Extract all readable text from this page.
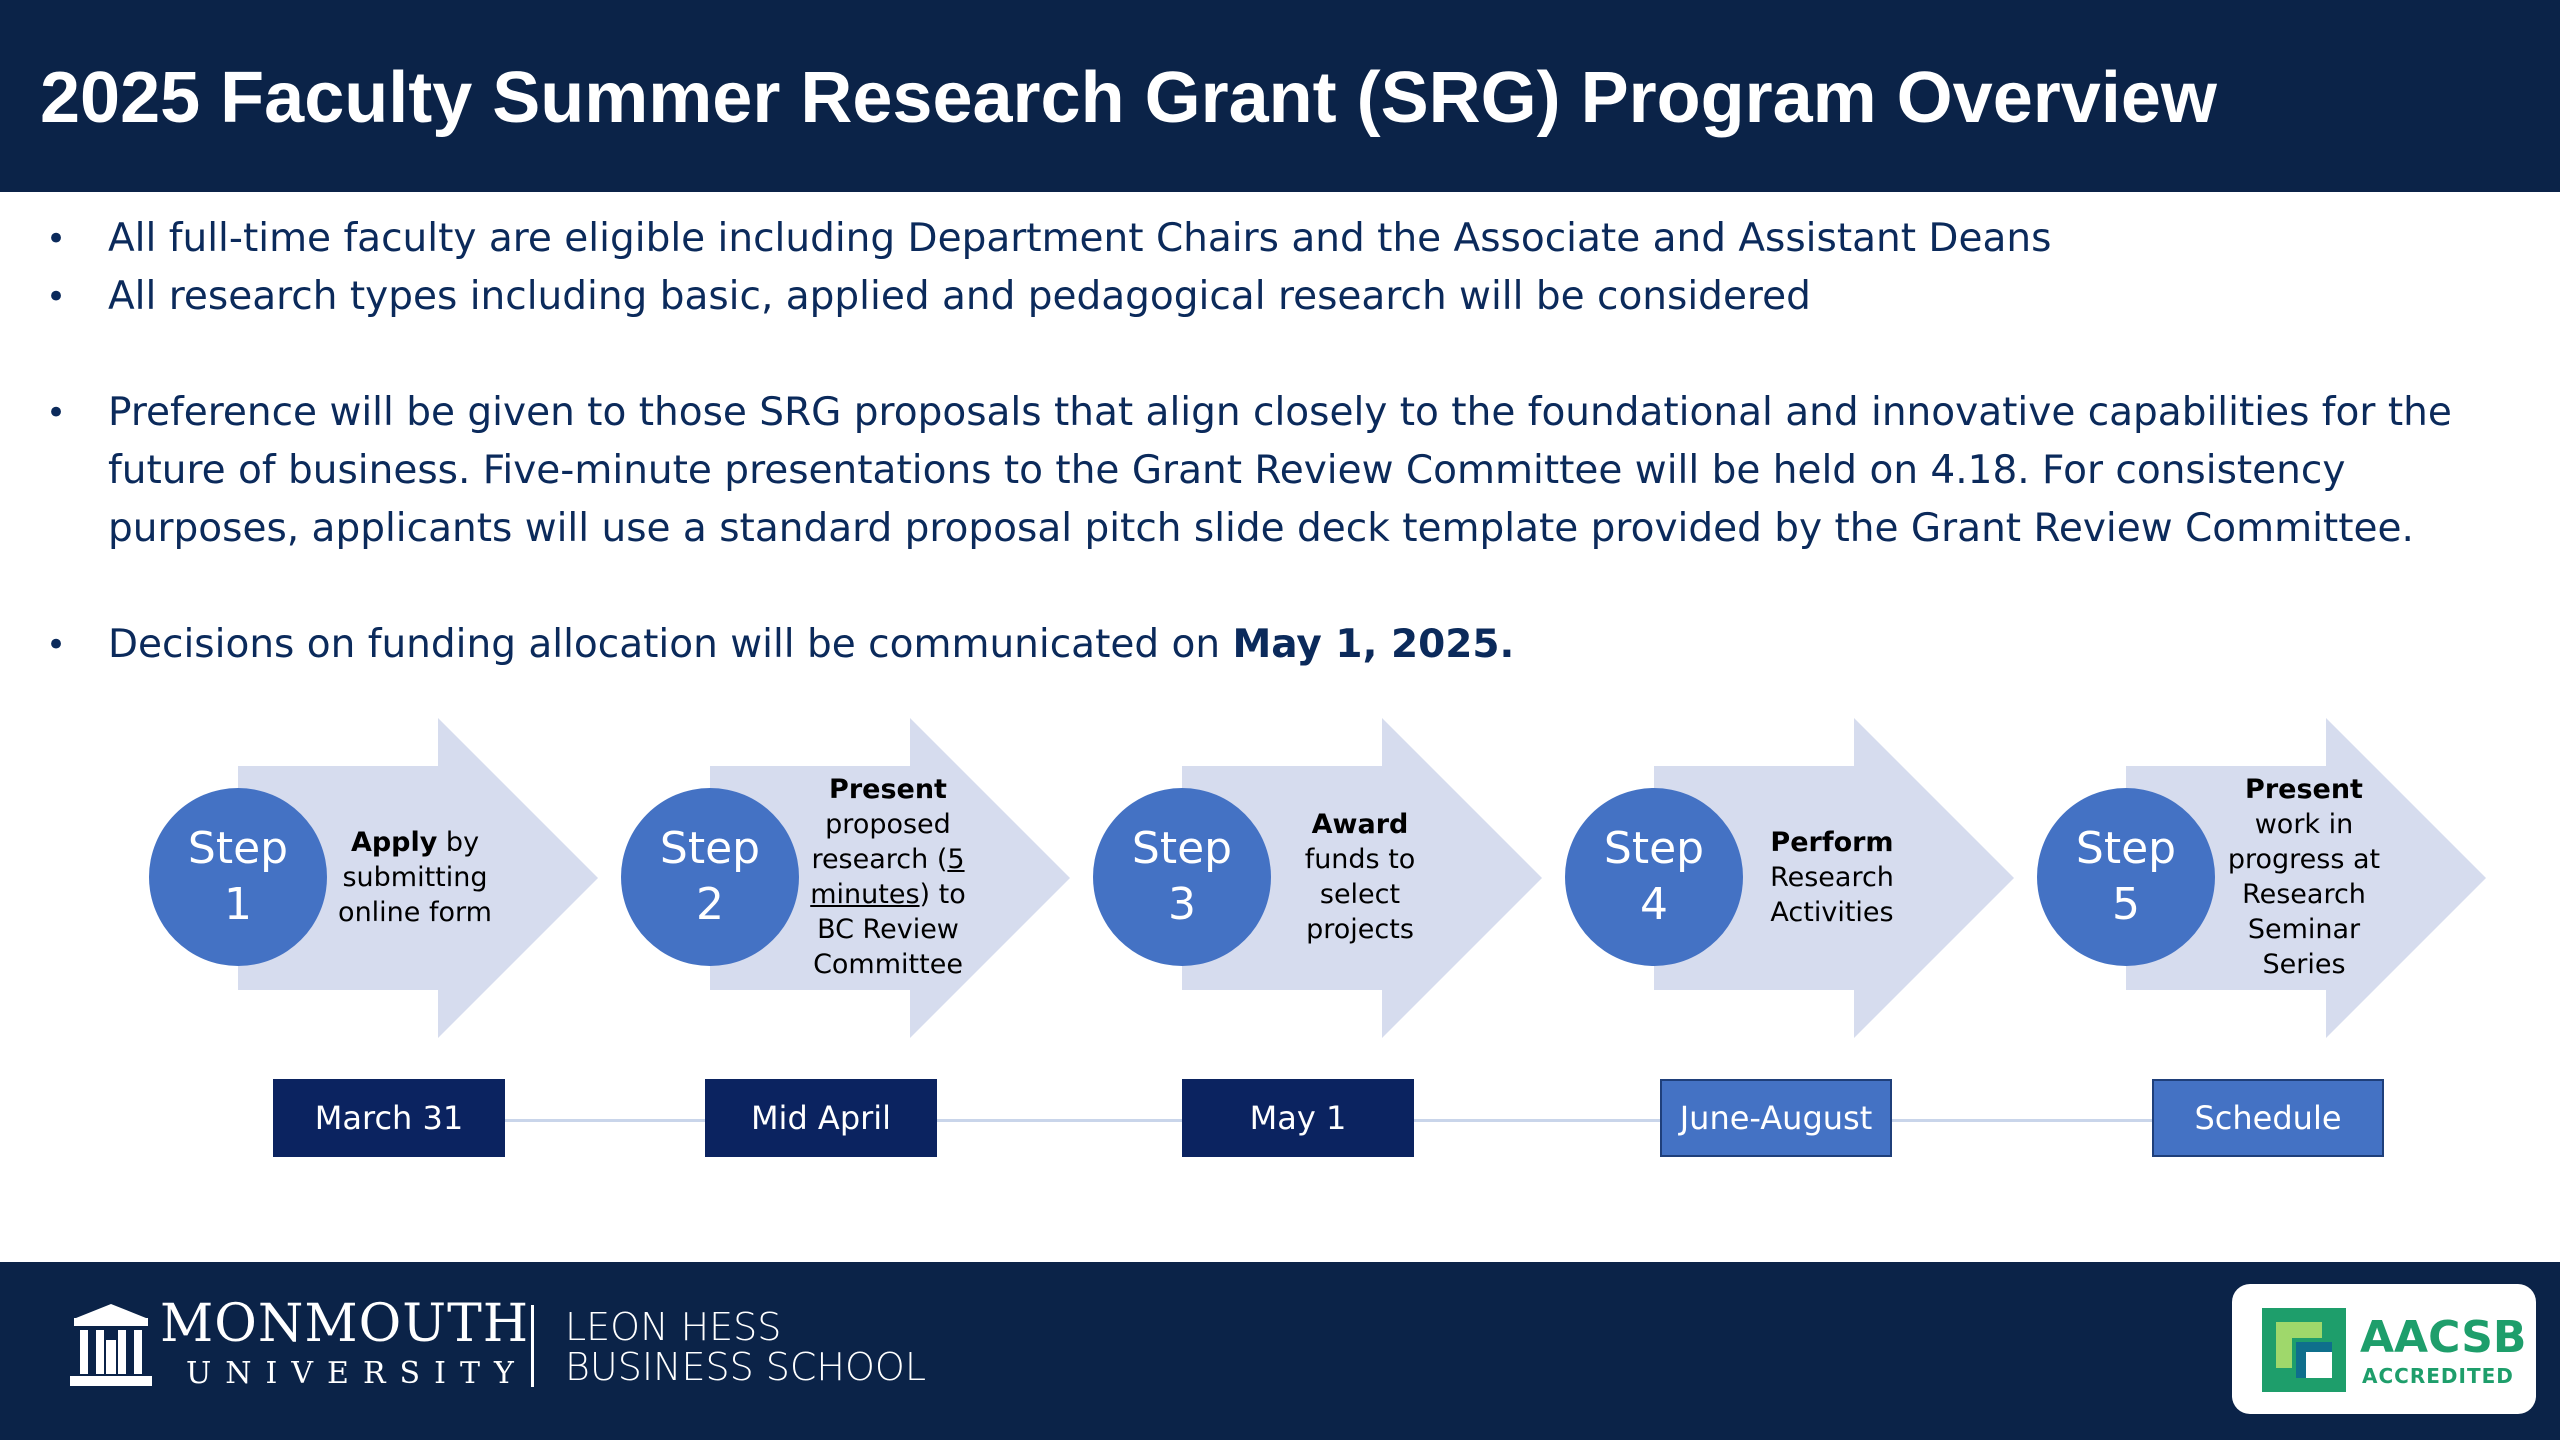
2025 Faculty Summer Research Grant (SRG) Program Overview
• All full-time faculty are eligible including Department Chairs and the Associate and Assistant Deans
• All research types including basic, applied and pedagogical research will be considered
• Preference will be given to those SRG proposals that align closely to the foundational and innovative capabilities for the future of business. Five-minute presentations to the Grant Review Committee will be held on 4.18. For consistency purposes, applicants will use a standard proposal pitch slide deck template provided by the Grant Review Committee.
• Decisions on funding allocation will be communicated on May 1, 2025.
Step
1
Apply by submitting online form
Step
2
Present
proposed research (5 minutes) to BC Review Committee
Step
3
Award
funds to select projects
Step
4
Perform
Research Activities
Step
5
Present
work in progress at Research Seminar Series
March 31	Mid April	May 1	June-August	Schedule
MONMOUTH
UNIVERSITY
LEON HESS
BUSINESS SCHOOL
AACSB
ACCREDITED
